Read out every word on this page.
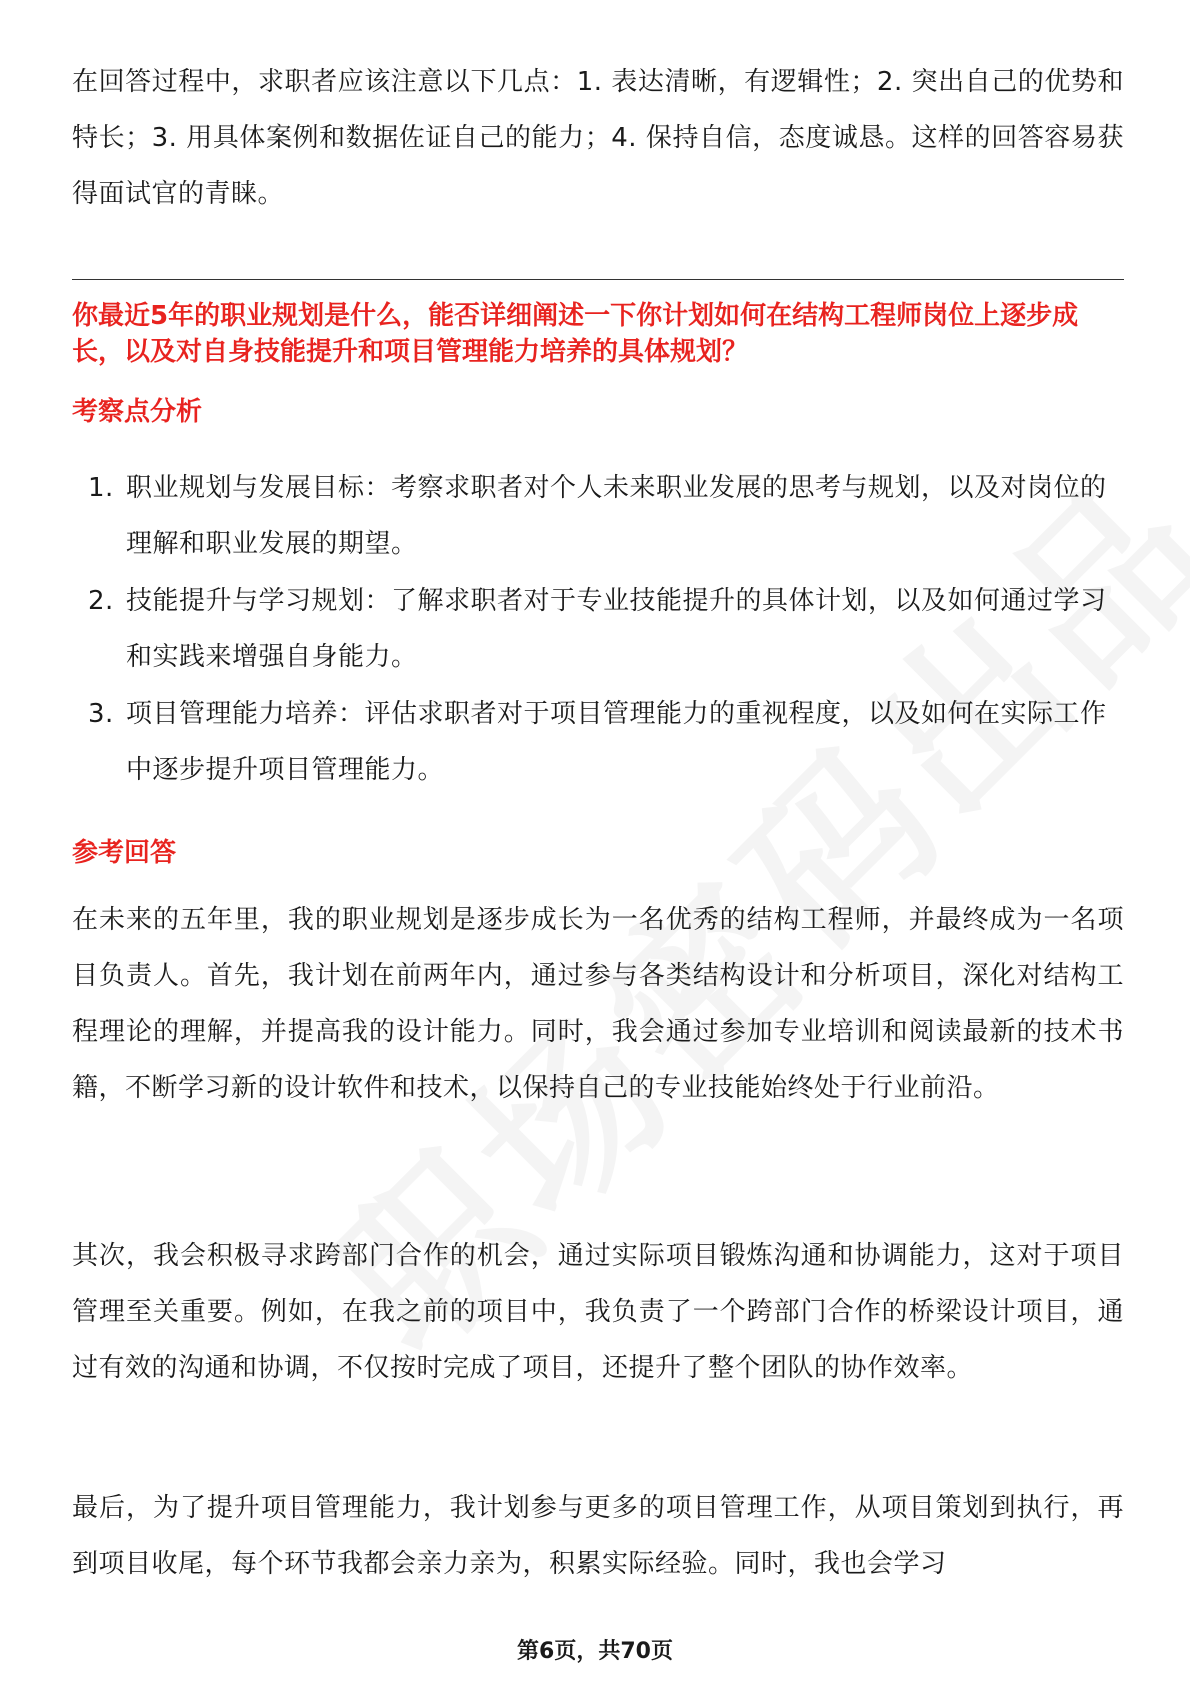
在回答过程中，求职者应该注意以下几点：1. 表达清晰，有逻辑性；2. 突出自己的优势和特长；3. 用具体案例和数据佐证自己的能力；4. 保持自信，态度诚恳。这样的回答容易获得面试官的青睐。

你最近5年的职业规划是什么，能否详细阐述一下你计划如何在结构工程师岗位上逐步成长，以及对自身技能提升和项目管理能力培养的具体规划？

考察点分析

1. 职业规划与发展目标：考察求职者对个人未来职业发展的思考与规划，以及对岗位的理解和职业发展的期望。
2. 技能提升与学习规划：了解求职者对于专业技能提升的具体计划，以及如何通过学习和实践来增强自身能力。
3. 项目管理能力培养：评估求职者对于项目管理能力的重视程度，以及如何在实际工作中逐步提升项目管理能力。

参考回答

在未来的五年里，我的职业规划是逐步成长为一名优秀的结构工程师，并最终成为一名项目负责人。首先，我计划在前两年内，通过参与各类结构设计和分析项目，深化对结构工程理论的理解，并提高我的设计能力。同时，我会通过参加专业培训和阅读最新的技术书籍，不断学习新的设计软件和技术，以保持自己的专业技能始终处于行业前沿。

其次，我会积极寻求跨部门合作的机会，通过实际项目锻炼沟通和协调能力，这对于项目管理至关重要。例如，在我之前的项目中，我负责了一个跨部门合作的桥梁设计项目，通过有效的沟通和协调，不仅按时完成了项目，还提升了整个团队的协作效率。

最后，为了提升项目管理能力，我计划参与更多的项目管理工作，从项目策划到执行，再到项目收尾，每个环节我都会亲力亲为，积累实际经验。同时，我也会学习

第6页，共70页
